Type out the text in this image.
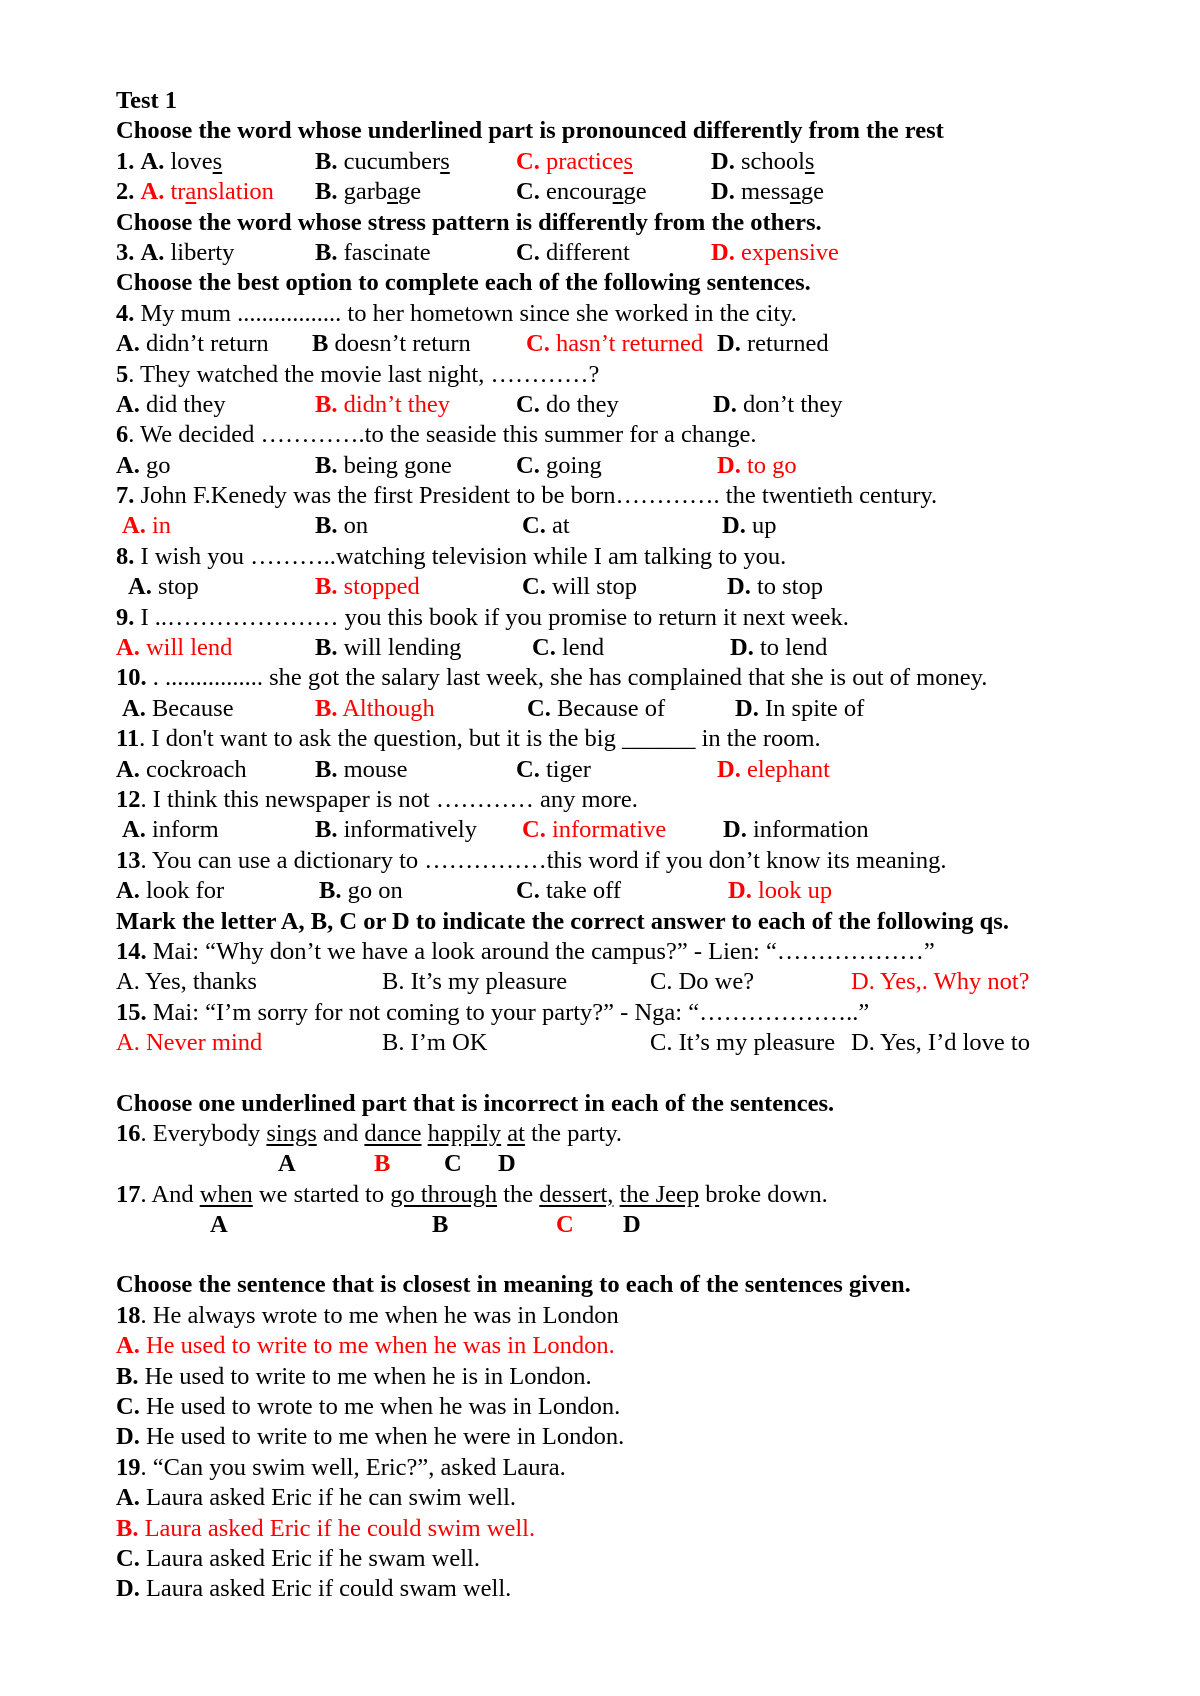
Test 1
Choose the word whose underlined part is pronounced differently from the rest
1. A. loves	B. cucumbers	C. practices	D. schools
2. A. translation B. garbage	C. encourage	D. message
Choose the word whose stress pattern is differently from the others.
3. A. liberty	B. fascinate	C. different	D. expensive
Choose the best option to complete each of the following sentences.
4. My mum ................. to her hometown since she worked in the city.
A. didn’t return B doesn’t return C. hasn’t returned D. returned
5. They watched the movie last night, …………?
A. did they	B. didn’t they	C. do they	D. don’t they
6. We decided ………….to the seaside this summer for a change.
A. go	B. being gone	C. going	D. to go
7. John F.Kenedy was the first President to be born…………. the twentieth century.
A. in	B. on	C. at	D. up
8. I wish you ………..watching television while I am talking to you.
A. stop	B. stopped	C. will stop	D. to stop
9. I ..………………… you this book if you promise to return it next week.
A. will lend	B. will lending	C. lend	D. to lend
10. . ................ she got the salary last week, she has complained that she is out of money.
A. Because	B. Although	C. Because of	D. In spite of
11. I don't want to ask the question, but it is the big ______ in the room.
A. cockroach	B. mouse	C. tiger	D. elephant
12. I think this newspaper is not ………… any more.
A. inform	B. informatively C. informative D. information
13. You can use a dictionary to ……………this word if you don’t know its meaning.
A. look for	B. go on	C. take off	D. look up
Mark the letter A, B, C or D to indicate the correct answer to each of the following qs.
14. Mai: “Why don’t we have a look around the campus?” - Lien: “………………”
A. Yes, thanks	B. It’s my pleasure	C. Do we?	D. Yes,. Why not?
15. Mai: “I’m sorry for not coming to your party?” - Nga: “………………..”
A. Never mind	B. I’m OK	C. It’s my pleasure D. Yes, I’d love to
Choose one underlined part that is incorrect in each of the sentences.
16. Everybody sings and dance happily at the party.
A	B C D
17. And when we started to go through the dessert, the Jeep broke down.
A	B	C D
Choose the sentence that is closest in meaning to each of the sentences given.
18. He always wrote to me when he was in London
A. He used to write to me when he was in London.
B. He used to write to me when he is in London.
C. He used to wrote to me when he was in London.
D. He used to write to me when he were in London.
19. “Can you swim well, Eric?”, asked Laura.
A. Laura asked Eric if he can swim well.
B. Laura asked Eric if he could swim well.
C. Laura asked Eric if he swam well.
D. Laura asked Eric if could swam well.
